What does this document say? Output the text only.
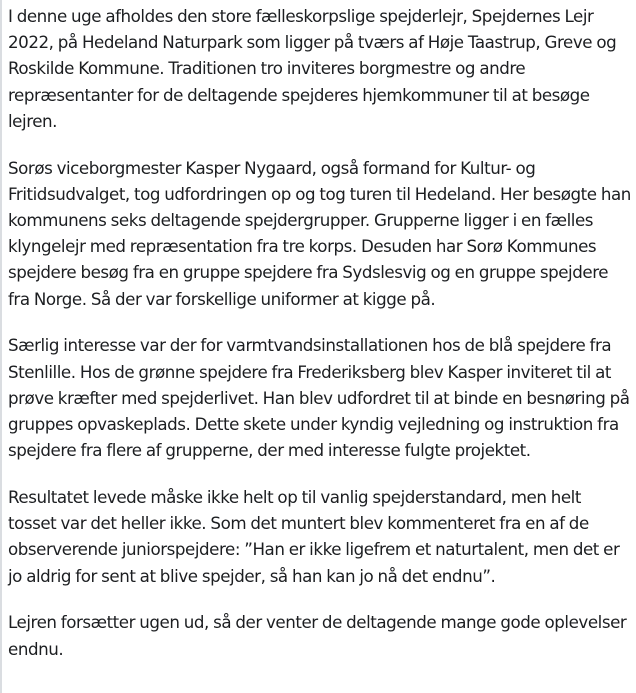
I denne uge afholdes den store fælleskorpslige spejderlejr, Spejdernes Lejr 2022, på Hedeland Naturpark som ligger på tværs af Høje Taastrup, Greve og Roskilde Kommune. Traditionen tro inviteres borgmestre og andre repræsentanter for de deltagende spejderes hjemkommuner til at besøge lejren.

Sorøs viceborgmester Kasper Nygaard, også formand for Kultur- og Fritidsudvalget, tog udfordringen op og tog turen til Hedeland. Her besøgte han kommunens seks deltagende spejdergrupper. Grupperne ligger i en fælles klyngelejr med repræsentation fra tre korps. Desuden har Sorø Kommunes spejdere besøg fra en gruppe spejdere fra Sydslesvig og en gruppe spejdere fra Norge. Så der var forskellige uniformer at kigge på.

Særlig interesse var der for varmtvandsinstallationen hos de blå spejdere fra Stenlille. Hos de grønne spejdere fra Frederiksberg blev Kasper inviteret til at prøve kræfter med spejderlivet. Han blev udfordret til at binde en besnøring på gruppes opvaskeplads. Dette skete under kyndig vejledning og instruktion fra spejdere fra flere af grupperne, der med interesse fulgte projektet.

Resultatet levede måske ikke helt op til vanlig spejderstandard, men helt tosset var det heller ikke. Som det muntert blev kommenteret fra en af de observerende juniorspejdere: ”Han er ikke ligefrem et naturtalent, men det er jo aldrig for sent at blive spejder, så han kan jo nå det endnu”.

Lejren forsætter ugen ud, så der venter de deltagende mange gode oplevelser endnu.
